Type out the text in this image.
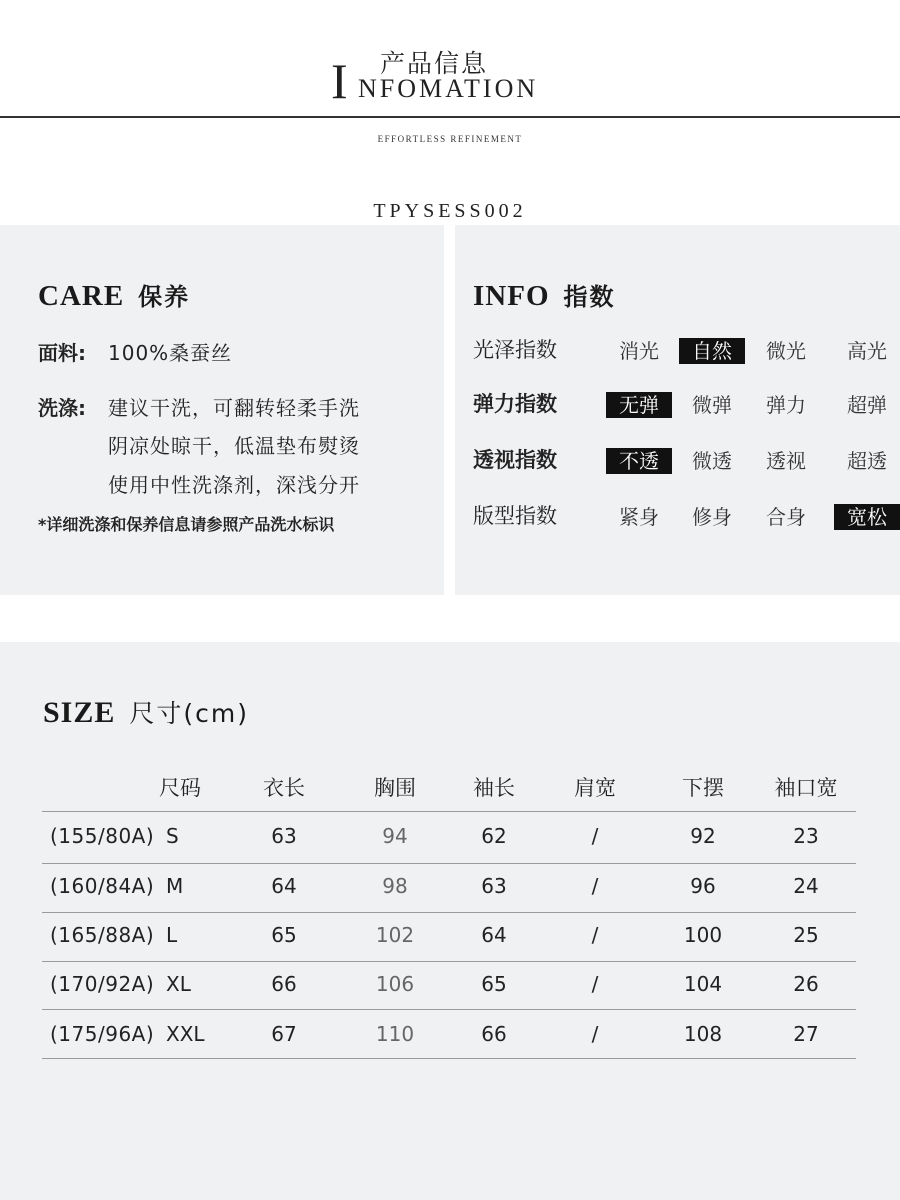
产品信息
I NFOMATION
EFFORTLESS REFINEMENT
TPYSESS002
CARE 保养
面料: 100%桑蚕丝
洗涤: 建议干洗，可翻转轻柔手洗
阴凉处晾干，低温垫布熨烫
使用中性洗涤剂，深浅分开
*详细洗涤和保养信息请参照产品洗水标识
INFO 指数
光泽指数	消光	自然	微光	高光
弹力指数	无弹	微弹	弹力	超弹
透视指数	不透	微透	透视	超透
版型指数	紧身	修身	合身	宽松
SIZE 尺寸(cm)
尺码	衣长	胸围	袖长	肩宽	下摆	袖口宽
(155/80A) S	63	94	62	/	92	23
(160/84A) M	64	98	63	/	96	24
(165/88A) L	65	102	64	/	100	25
(170/92A) XL	66	106	65	/	104	26
(175/96A) XXL	67	110	66	/	108	27
